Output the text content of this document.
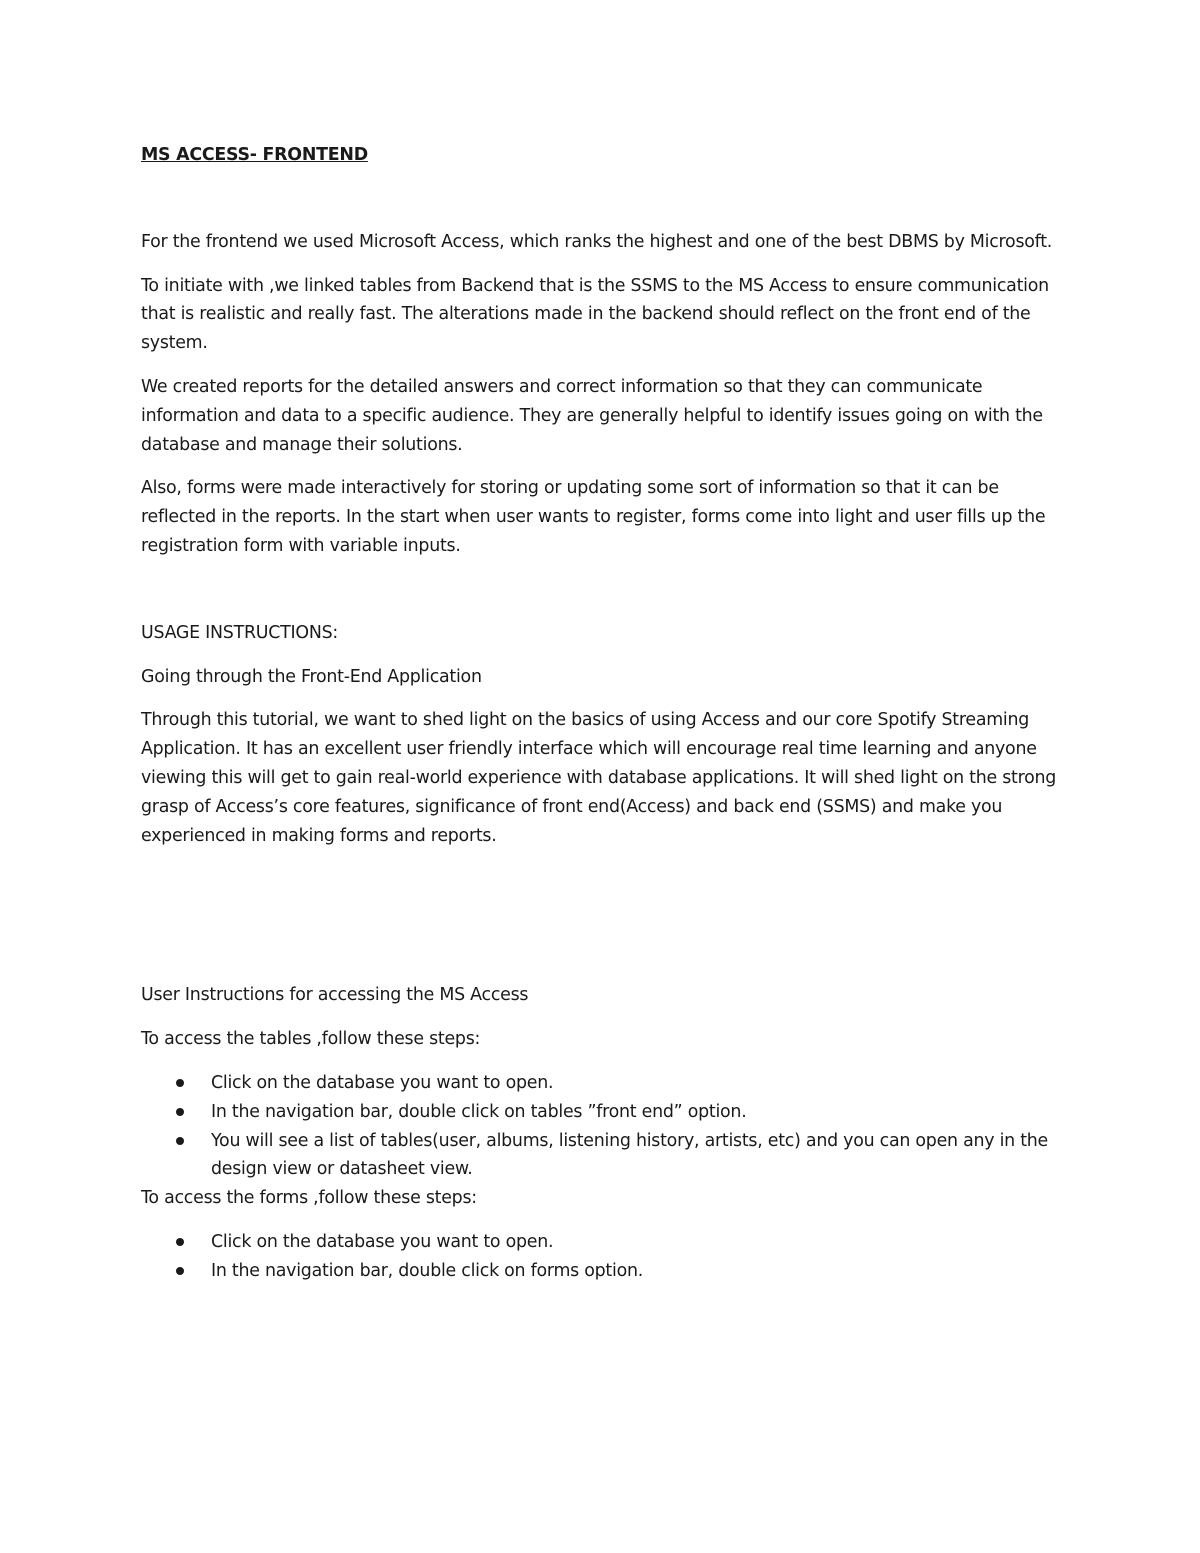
MS ACCESS- FRONTEND

For the frontend we used Microsoft Access, which ranks the highest and one of the best DBMS by Microsoft.

To initiate with ,we linked tables from Backend that is the SSMS to the MS Access to ensure communication that is realistic and really fast. The alterations made in the backend should reflect on the front end of the system.

We created reports for the detailed answers and correct information so that they can communicate information and data to a specific audience. They are generally helpful to identify issues going on with the database and manage their solutions.

Also, forms were made interactively for storing or updating some sort of information so that it can be reflected in the reports. In the start when user wants to register, forms come into light and user fills up the registration form with variable inputs.

USAGE INSTRUCTIONS:

Going through the Front-End Application

Through this tutorial, we want to shed light on the basics of using Access and our core Spotify Streaming Application. It has an excellent user friendly interface which will encourage real time learning and anyone viewing this will get to gain real-world experience with database applications. It will shed light on the strong grasp of Access’s core features, significance of front end(Access) and back end (SSMS) and make you experienced in making forms and reports.

User Instructions for accessing the MS Access

To access the tables ,follow these steps:

Click on the database you want to open.
In the navigation bar, double click on tables ”front end” option.
You will see a list of tables(user, albums, listening history, artists, etc) and you can open any in the design view or datasheet view.

To access the forms ,follow these steps:

Click on the database you want to open.
In the navigation bar, double click on forms option.
